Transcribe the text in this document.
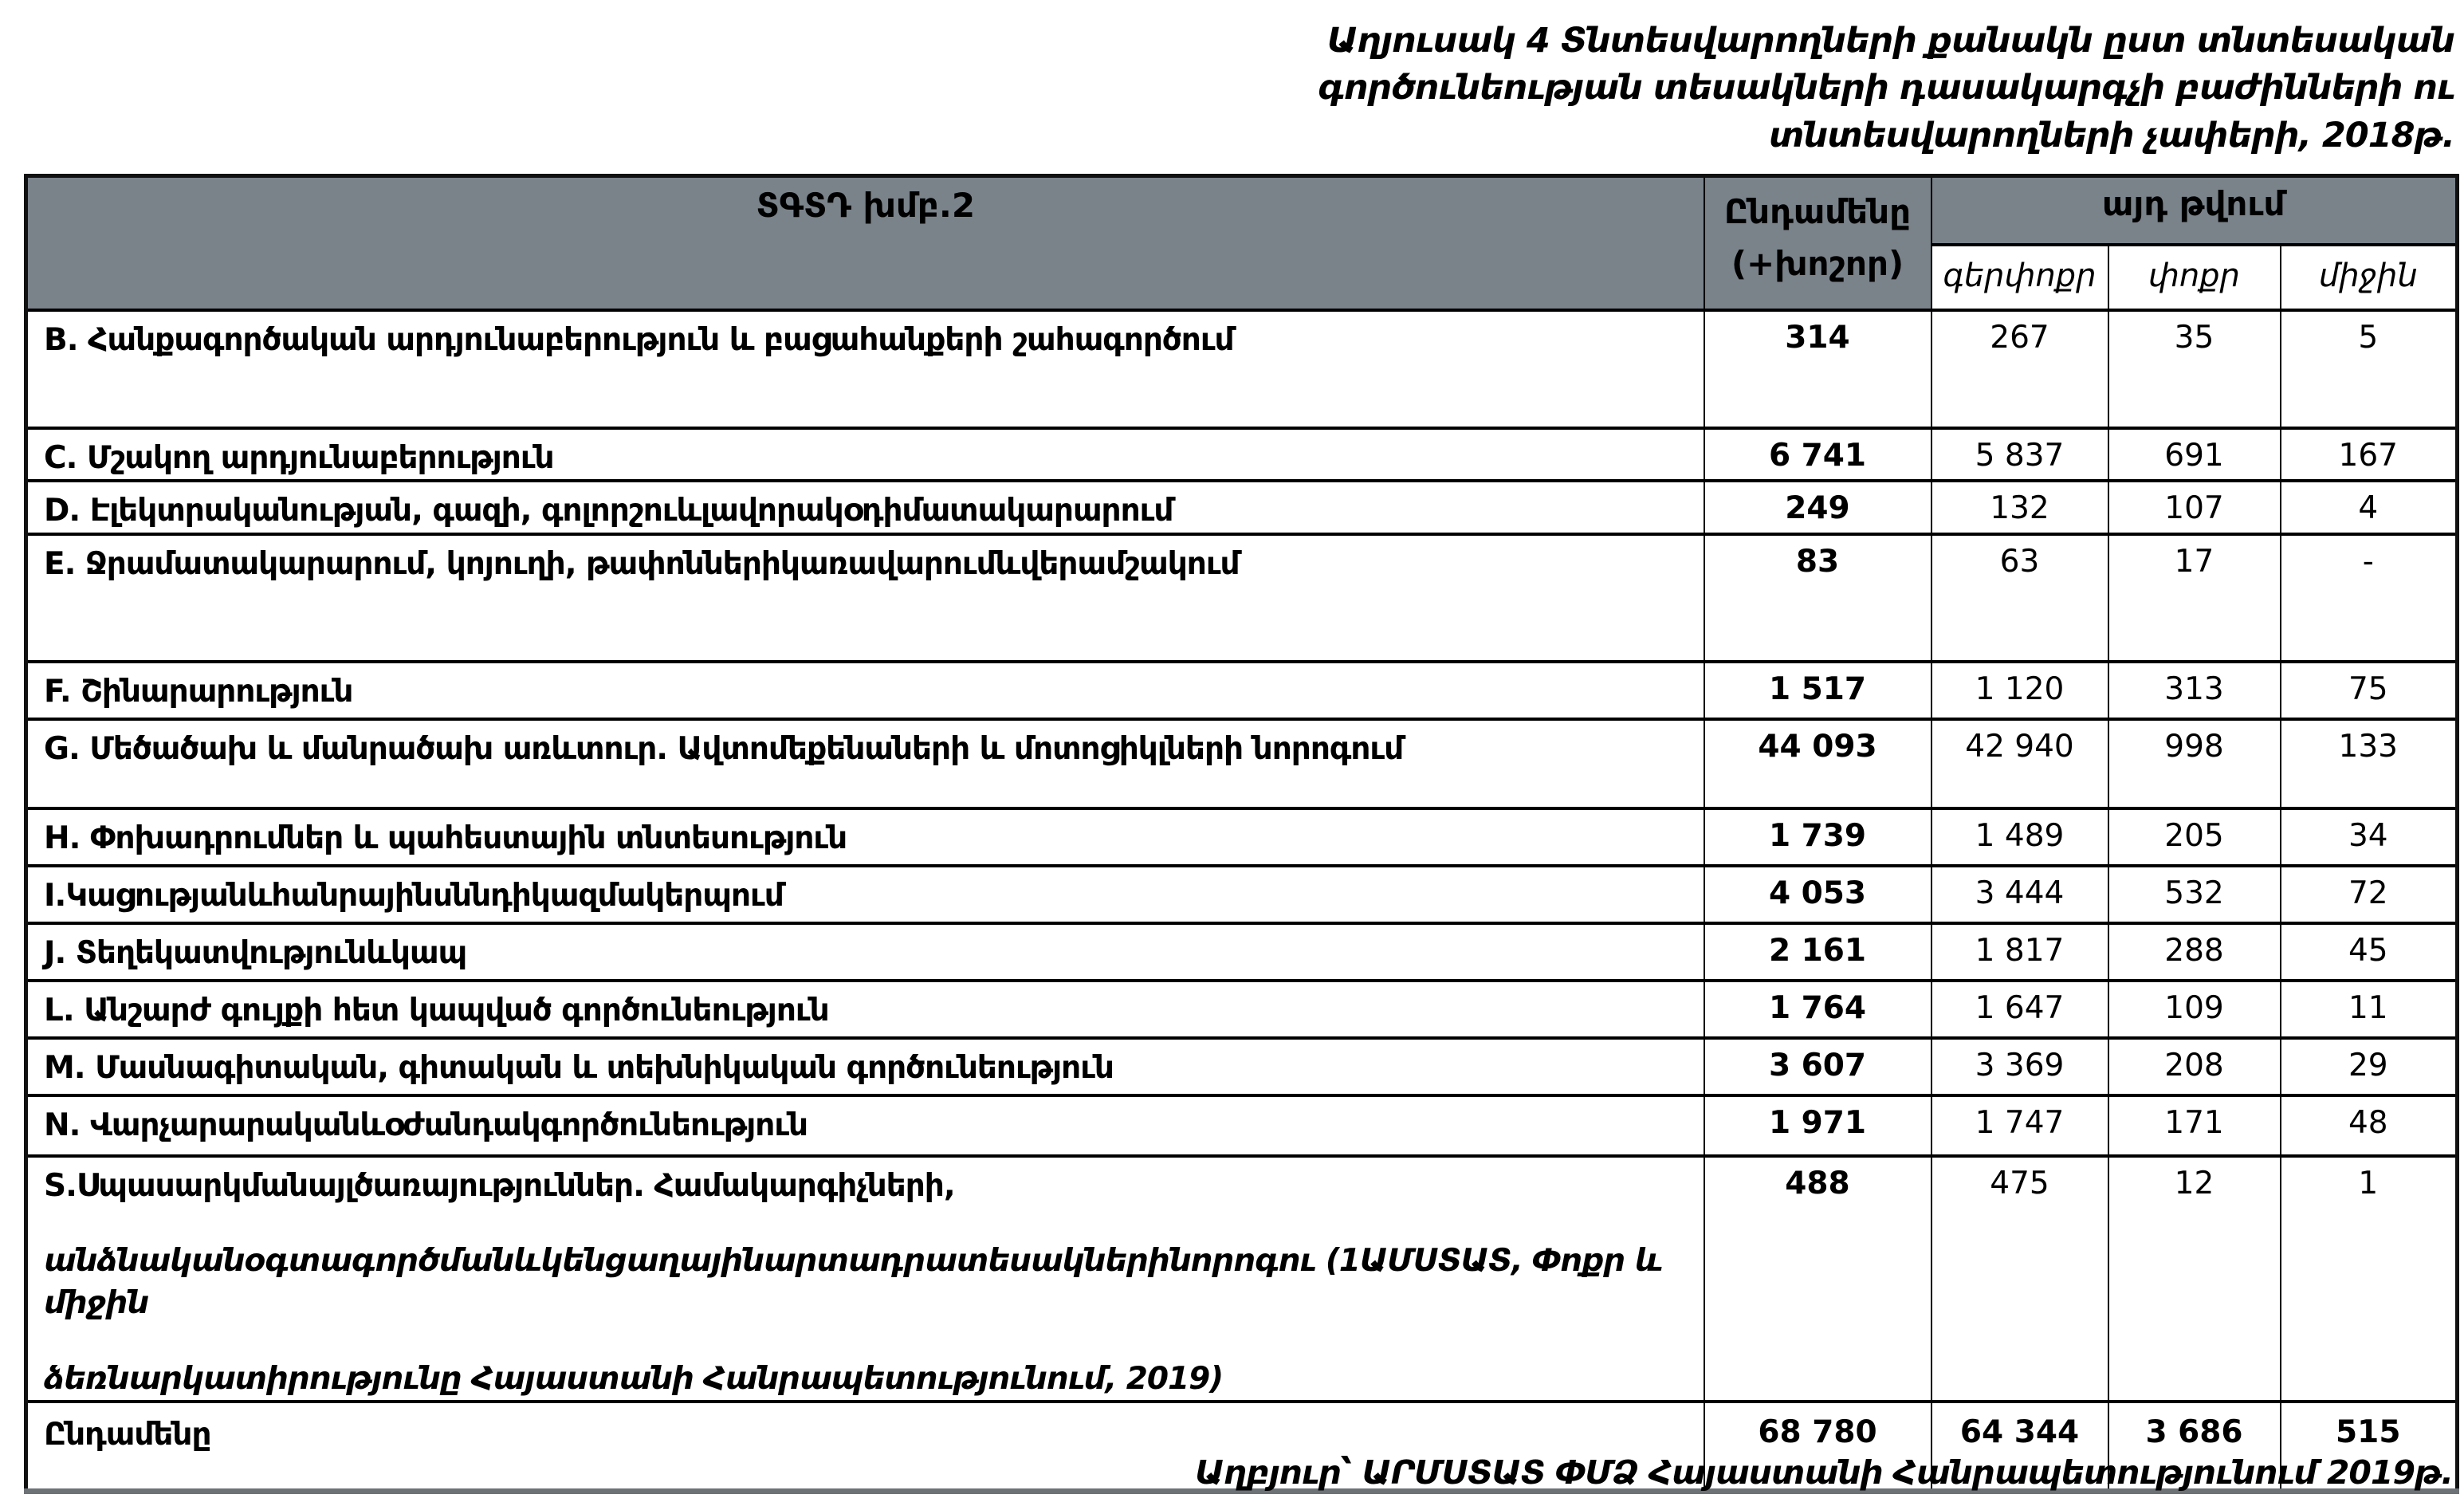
Աղյուսակ 4 Տնտեսվարողների քանակն ըստ տնտեսական
գործունեության տեսակների դասակարգչի բաժինների ու
տնտեսվարողների չափերի, 2018թ.
ՏԳՏԴ խմբ.2	Ընդամենը
(+խոշոր)	այդ թվում		
		գերփոքր	փոքր	միջին

B. Հանքագործական արդյունաբերություն և բացահանքերի շահագործում	314	267	35	5

C. Մշակող արդյունաբերություն	6 741	5 837	691	167

D. Էլեկտրականության, գազի, գոլորշուևլավորակօդիմատակարարում	249	132	107	4

E. Ջրամատակարարում, կոյուղի, թափոններիկառավարումևվերամշակում	83	63	17	-

F. Շինարարություն	1 517	1 120	313	75

G. Մեծածախ և մանրածախ առևտուր. Ավտոմեքենաների և մոտոցիկլների նորոգում	44 093	42 940	998	133

H. Փոխադրումներ և պահեստային տնտեսություն	1 739	1 489	205	34

I.Կացությանևհանրայինսննդիկազմակերպում	4 053	3 444	532	72

J. Տեղեկատվությունևկապ	2 161	1 817	288	45

L. Անշարժ գույքի հետ կապված գործունեություն	1 764	1 647	109	11

M. Մասնագիտական, գիտական և տեխնիկական գործունեություն	3 607	3 369	208	29

N. Վարչարարականևօժանդակգործունեություն	1 971	1 747	171	48

S.Սպասարկմանայլծառայություններ. Համակարգիչների,
անձնականօգտագործմանևկենցաղայինարտադրատեսակներինորոգու (1ԱՄՍՏԱՏ, Փոքր և միջին
ձեռնարկատիրությունը Հայաստանի Հանրապետությունում, 2019)	488	475	12	1
Ընդամենը	68 780	64 344	3 686	515
Աղբյուր՝ ԱՐՄՍՏԱՏ ՓՄՁ Հայաստանի Հանրապետությունում 2019թ.
